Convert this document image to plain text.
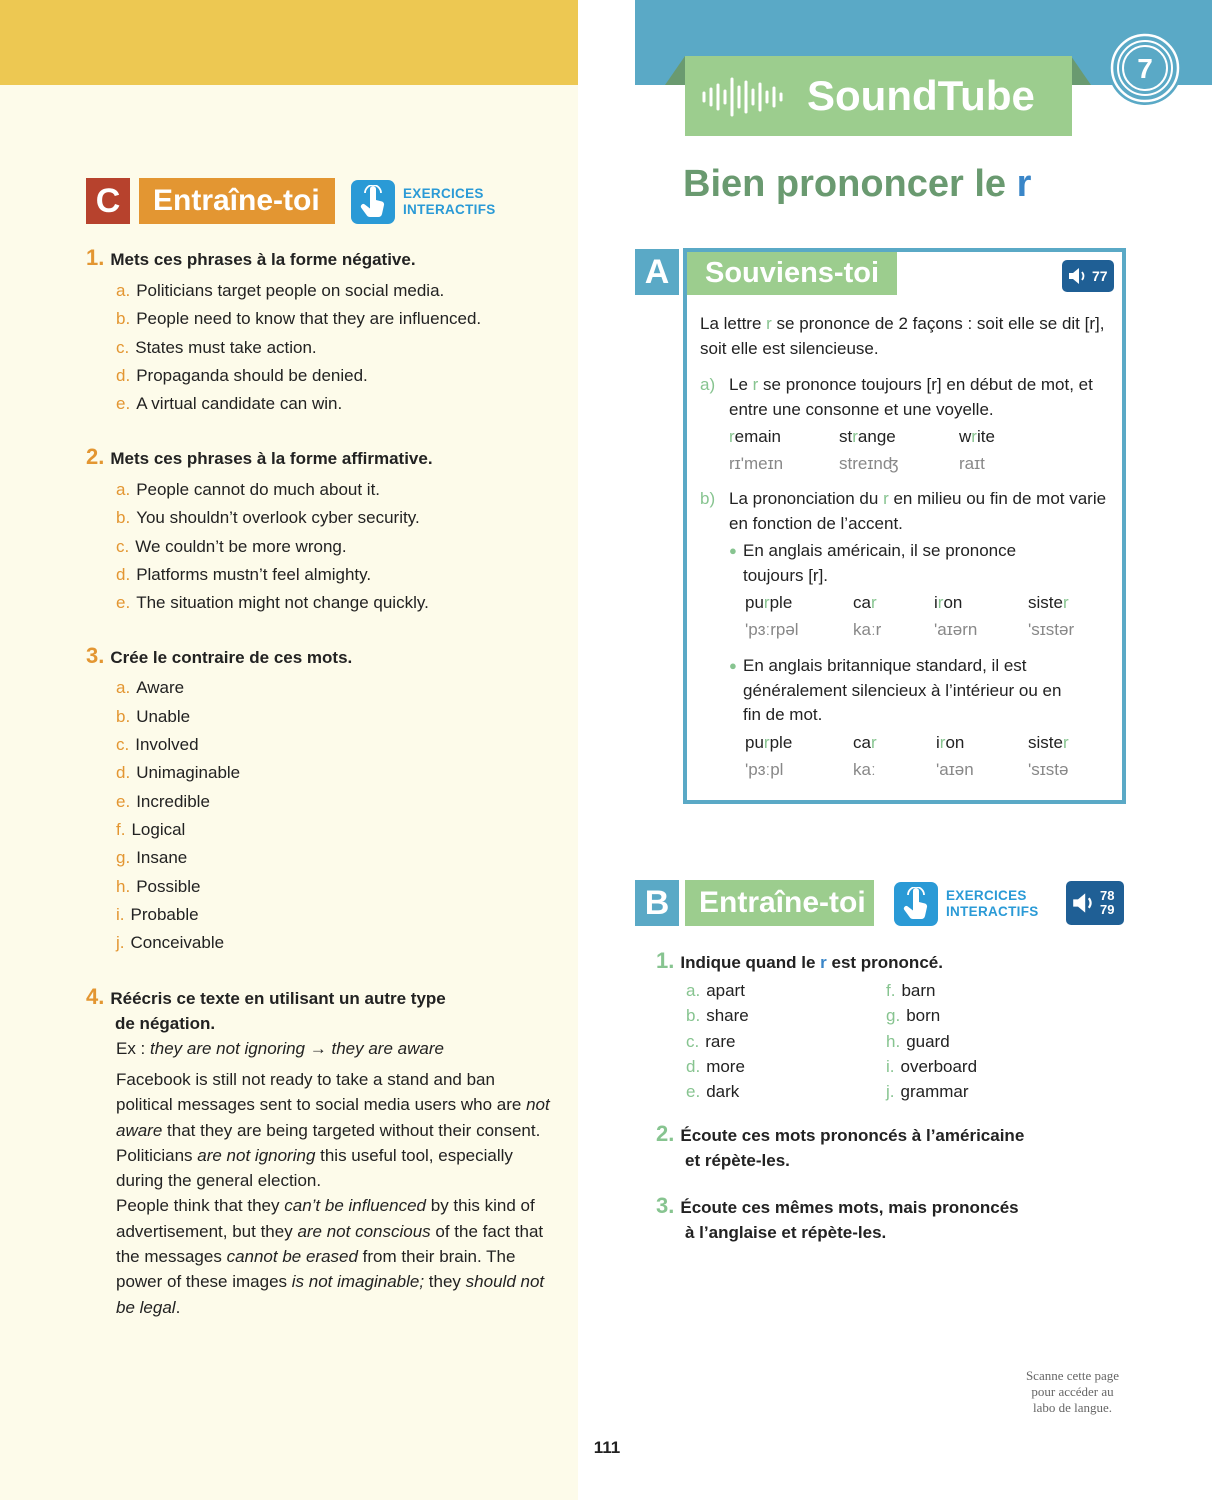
C	Entraîne-toi	EXERCICES
INTERACTIFS
1. Mets ces phrases à la forme négative.
a. Politicians target people on social media.
b. People need to know that they are influenced.
c. States must take action.
d. Propaganda should be denied.
e. A virtual candidate can win.
2. Mets ces phrases à la forme affirmative.
a. People cannot do much about it.
b. You shouldn’t overlook cyber security.
c. We couldn’t be more wrong.
d. Platforms mustn’t feel almighty.
e. The situation might not change quickly.
3. Crée le contraire de ces mots.
a. Aware
b. Unable
c. Involved
d. Unimaginable
e. Incredible
f. Logical
g. Insane
h. Possible
i. Probable
j. Conceivable
4. Réécris ce texte en utilisant un autre type
de négation.
Ex : they are not ignoring → they are aware
Facebook is still not ready to take a stand and ban political messages sent to social media users who are not aware that they are being targeted without their consent. Politicians are not ignoring this useful tool, especially during the general election.
People think that they can’t be influenced by this kind of advertisement, but they are not conscious of the fact that the messages cannot be erased from their brain. The power of these images is not imaginable; they should not be legal.
SoundTube
7
Bien prononcer le r
A	Souviens-toi	77
La lettre r se prononce de 2 façons : soit elle se dit [r], soit elle est silencieuse.
a) Le r se prononce toujours [r] en début de mot, et entre une consonne et une voyelle.
remain	strange	write
rɪ'meɪn	streɪnʤ	raɪt
b) La prononciation du r en milieu ou fin de mot varie en fonction de l’accent.
● En anglais américain, il se prononce toujours [r].
purple	car	iron	sister
'pɜːrpəl	kaːr	'aɪərn	'sɪstər
● En anglais britannique standard, il est généralement silencieux à l’intérieur ou en fin de mot.
purple	car	iron	sister
'pɜːpl	kaː	'aɪən	'sɪstə
B Entraîne-toi	EXERCICES
INTERACTIFS
78
79
1. Indique quand le r est prononcé.
a. apart
b. share
c. rare
d. more
e. dark
f. barn
g. born
h. guard
i. overboard
j. grammar
2. Écoute ces mots prononcés à l’américaine
et répète-les.
3. Écoute ces mêmes mots, mais prononcés
à l’anglaise et répète-les.
Scanne cette page
pour accéder au
labo de langue.
111
